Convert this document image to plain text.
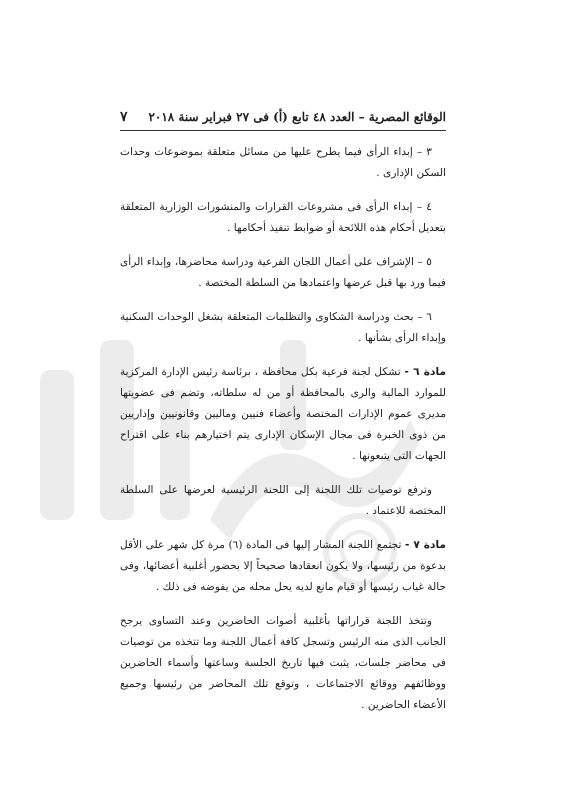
الوقائع المصرية – العدد ٤٨ تابع (أ) فى ٢٧ فبراير سنة ٢٠١٨
٧

٣ – إبداء الرأى فيما يطرح عليها من مسائل متعلقة بموضوعات وحدات السكن الإدارى .

٤ – إبداء الرأى فى مشروعات القرارات والمنشورات الوزارية المتعلقة بتعديل أحكام هذه اللائحة أو ضوابط تنفيذ أحكامها .

٥ – الإشراف على أعمال اللجان الفرعية ودراسة محاضرها، وإبداء الرأى فيما ورد بها قبل عرضها واعتمادها من السلطة المختصة .

٦ – بحث ودراسة الشكاوى والتظلمات المتعلقة بشغل الوحدات السكنية وإبداء الرأى بشأنها .

مادة ٦ - تشكل لجنة فرعية بكل محافظة ، برئاسة رئيس الإدارة المركزية للموارد المالية والرى بالمحافظة أو من له سلطاته، وتضم فى عضويتها مديرى عموم الإدارات المختصة وأعضاء فنيين وماليين وقانونيين وإداريين من ذوى الخبرة فى مجال الإسكان الإدارى يتم اختيارهم بناء على اقتراح الجهات التى يتبعونها .

وترفع توصيات تلك اللجنة إلى اللجنة الرئيسية لعرضها على السلطة المختصة للاعتماد .

مادة ٧ - تجتمع اللجنة المشار إليها فى المادة (٦) مرة كل شهر على الأقل بدعوة من رئيسها، ولا يكون انعقادها صحيحاً إلا بحضور أغلبية أعضائها، وفى حالة غياب رئيسها أو قيام مانع لديه يحل محله من يفوضه فى ذلك .

وتتخذ اللجنة قراراتها بأغلبية أصوات الحاضرين وعند التساوى يرجح الجانب الذى منه الرئيس وتسجل كافة أعمال اللجنة وما تتخذه من توصيات فى محاضر جلسات، يثبت فيها تاريخ الجلسة وساعتها وأسماء الحاضرين ووظائفهم ووقائع الاجتماعات ، وتوقع تلك المحاضر من رئيسها وجميع الأعضاء الحاضرين .
